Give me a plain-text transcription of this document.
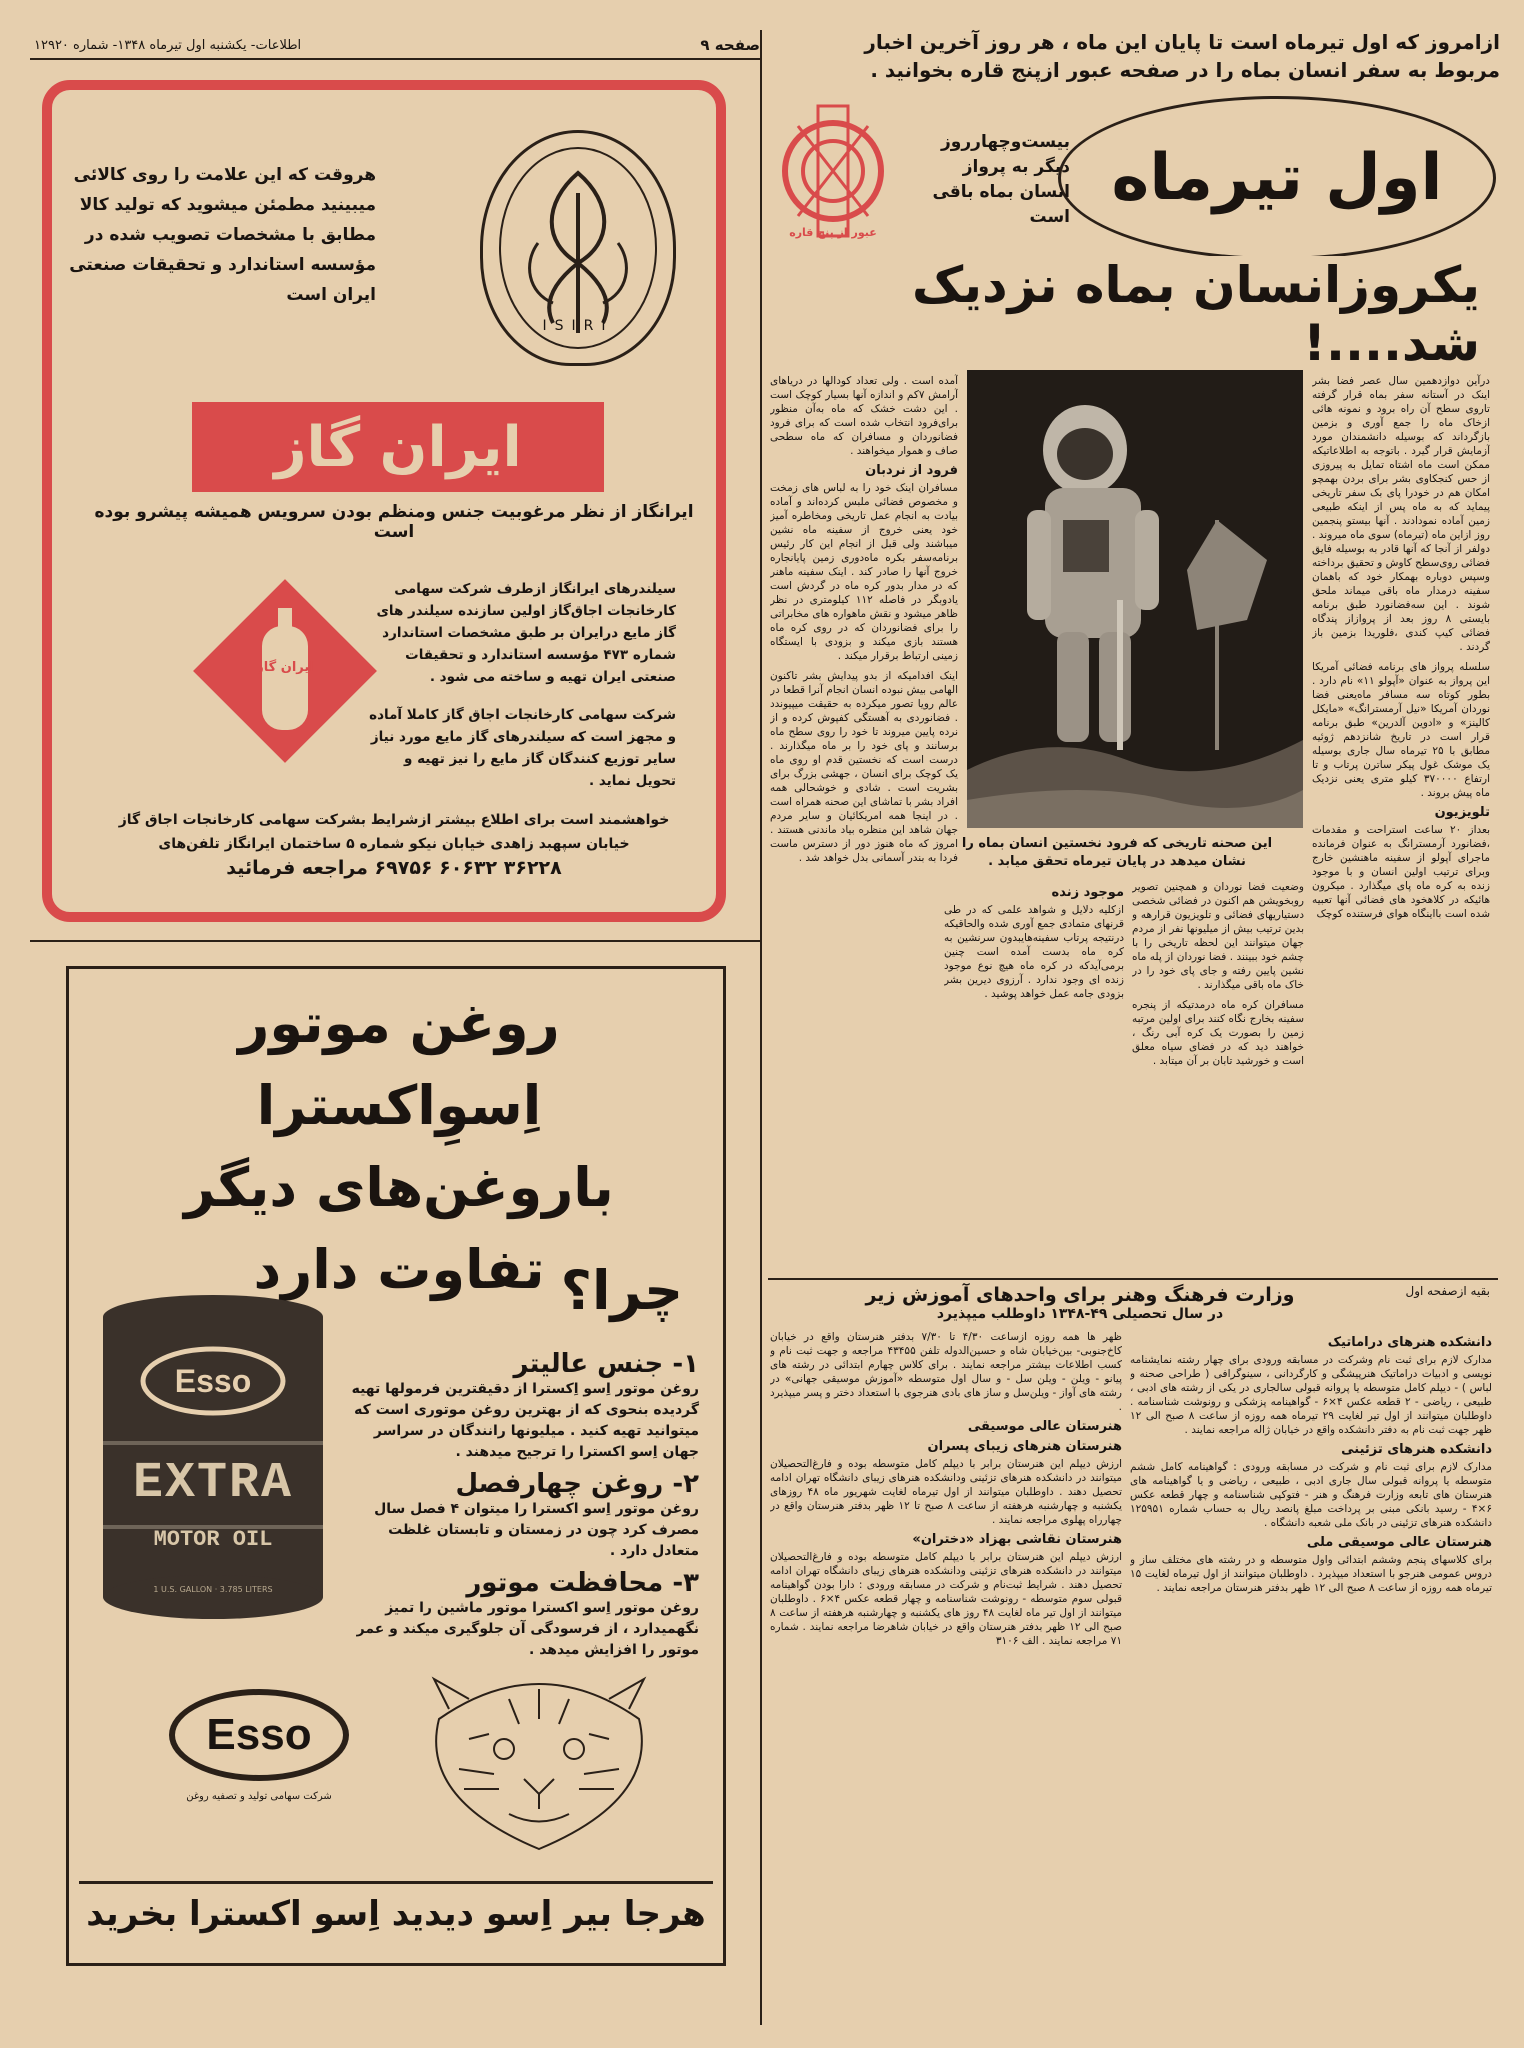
صفحه ۹
اطلاعات- یکشنبه اول تیرماه ۱۳۴۸- شماره ۱۲۹۲۰	ازامروز که اول تیرماه است تا پایان این ماه ، هر روز آخرین اخبار
مربوط به سفر انسان بماه را در صفحه عبور ازپنج قاره بخوانید .
اول تیرماه
بیست‌وچهارروز
دیگر به پرواز
انسان بماه باقی
است
عبور از پنج قاره
یکروزانسان بماه نزدیک شد....!
این صحنه تاریخی که فرود نخستین انسان بماه را
نشان میدهد در پایان تیرماه تحقق میابد .
درآین دوازدهمین سال عصر فضا بشر اینک در آستانه سفر بماه قرار گرفته تاروی سطح آن راه برود و نمونه هائی ازخاک ماه را جمع آوری و بزمین بازگرداند که بوسیله دانشمندان مورد آزمایش قرار گیرد . باتوجه به اطلاعاتیکه ممکن است ماه اشتاه تمایل به پیروزی از حس کنجکاوی بشر برای بردن بهمچو امکان هم در خودرا پای بک سفر تاریخی پیماید که به ماه پس از اینکه طبیعی زمین آماده نمودادند . آنها بیستو پنجمین روز ازاین ماه (تیرماه) سوی ماه میروند . دولفر از آنجا که آنها قادر به بوسیله فایق فضائی روی‌سطح کاوش و تحقیق برداخته وسپس دوباره بهمکار خود که باهمان سفینه درمدار ماه باقی میماند ملحق شوند . این سه‌فضانورد طبق برنامه بایستی ۸ روز بعد از پروازاز پندگاه فضائی کیپ کندی ،فلوریدا بزمین باز گردند .
سلسله پرواز های برنامه فضائی آمریکا این پرواز به عنوان «آپولو ۱۱» نام دارد . بطور کوتاه سه مسافر ماه‌یعنی فضا نوردان آمریکا «نیل آرمسترانگ» «مایکل کالینز» و «ادوین آلدرین» طبق برنامه قرار است در تاریخ شانزدهم ژوئیه مطابق با ۲۵ تیرماه سال جاری بوسیله یک موشک غول پیکر ساترن پرتاب و تا ارتفاع ۳۷۰۰۰۰ کیلو متری یعنی نزدیک ماه پیش بروند .
تلویزیون
بعداز ۲۰ ساعت استراحت و مقدمات ،فضانورد آرمسترانگ به عنوان فرمانده ماجرای آپولو از سفینه ماهنشین خارج وبرای ترتیب اولین انسان و با موجود زنده به کره ماه پای میگذارد . میکرون هائیکه در کلاهخود های فضائی آنها تعبیه شده است بااینگاه هوای فرستنده کوچک
وضعیت فضا نوردان و همچنین تصویر روبخویشن هم اکنون در فضائی شخصی دستیاریهای فضائی و تلویزیون قرارهه و بدین ترتیب بیش از میلیونها نفر از مردم جهان میتوانند این لحظه تاریخی را با چشم خود ببینند . فضا نوردان از پله ماه نشین پایین رفته و جای پای خود را در خاک ماه باقی میگذارند .
مسافران کره ماه درمدتیکه از پنجره سفینه بخارج نگاه کنند برای اولین مرتبه زمین را بصورت یک کره آبی رنگ ، خواهند دید که در فضای سیاه معلق است و خورشید تابان بر آن میتابد .
موجود زنده
ازکلیه دلایل و شواهد علمی که در طی قرنهای متمادی جمع آوری شده والحاقیکه درنتیجه پرتاب سفینه‌هایبدون سرنشین به کره ماه بدست آمده است چنین برمی‌آیدکه در کره ماه هیچ نوع موجود زنده ای وجود ندارد . آرزوی دیرین بشر بزودی جامه عمل خواهد پوشید .
آمده است . ولی تعداد کودالها در دریاهای آرامش ۷کم و اندازه آنها بسیار کوچک است . این دشت خشک که ماه به‌آن منظور برای‌فرود انتخاب شده است که برای فرود فضانوردان و مسافران که ماه سطحی صاف و هموار میخواهند .
فرود از نردبان
مسافران اینک خود را به لباس های زمخت و مخصوص فضائی ملبس کرده‌اند و آماده بیادت به انجام عمل تاریخی ومخاطره آمیز خود یعنی خروج از سفینه ماه نشین میباشند ولی قبل از انجام این کار رئیس برنامه‌سفر بکره ماه‌دوری زمین پایانجاره خروج آنها را صادر کند . اینک سفینه ماهنر که در مدار بدور کره ماه در گردش است یادوبگر در فاصله ۱۱۲ کیلومتری در نظر ظاهر میشود و نقش ماهواره های مخابراتی را برای فضانوردان که در روی کره ماه هستند بازی میکند و بزودی با ایستگاه زمینی ارتباط برقرار میکند .
اینک افدامیکه از بدو پیدایش بشر تاکنون الهامی بیش نبوده انسان انجام آنرا قطعا در عالم رویا تصور میکرده به حقیقت میپیوندد . فضانوردی به آهستگی کفپوش کرده و از نرده پایین میروند تا خود را روی سطح ماه برسانند و پای خود را بر ماه میگذارند . درست است که نخستین قدم او روی ماه یک کوچک برای انسان ، جهشی بزرگ برای بشریت است . شادی و خوشحالی همه افراد بشر با تماشای این صحنه همراه است . در اینجا همه امریکائیان و سایر مردم جهان شاهد این منظره بیاد ماندنی هستند . امروز که ماه هنوز دور از دسترس ماست فردا به بندر آسمانی بدل خواهد شد .
بقیه ازصفحه اول
وزارت فرهنگ وهنر برای واحدهای آموزش زیر
در سال تحصیلی ۴۹-۱۳۴۸ داوطلب میپذیرد
دانشکده هنرهای دراماتیک
مدارک لازم برای ثبت نام وشرکت در مسابقه ورودی برای چهار رشته نمایشنامه نویسی و ادبیات دراماتیک هنرپیشگی و کارگردانی ، سینوگرافی ( طراحی صحنه و لباس ) - دیپلم کامل متوسطه یا پروانه قبولی سالجاری در یکی از رشته های ادبی ، طبیعی ، ریاضی - ۲ قطعه عکس ۴×۶ - گواهینامه پزشکی و رونوشت شناسنامه . داوطلبان میتوانند از اول تیر لغایت ۲۹ تیرماه همه روزه از ساعت ۸ صبح الی ۱۲ ظهر جهت ثبت نام به دفتر دانشکده واقع در خیابان ژاله مراجعه نمایند .
دانشکده هنرهای تزئینی
مدارک لازم برای ثبت نام و شرکت در مسابقه ورودی : گواهینامه کامل ششم متوسطه یا پروانه قبولی سال جاری ادبی ، طبیعی ، ریاضی و یا گواهینامه های هنرستان های تابعه وزارت فرهنگ و هنر - فتوکپی شناسنامه و چهار قطعه عکس ۶×۴ - رسید بانکی مبنی بر پرداخت مبلغ پانصد ریال به حساب شماره ۱۲۵۹۵۱ دانشکده هنرهای تزئینی در بانک ملی شعبه دانشگاه .
هنرستان عالی موسیقی ملی
برای کلاسهای پنجم وششم ابتدائی واول متوسطه و در رشته های مختلف ساز و دروس عمومی هنرجو با استعداد میپذیرد . داوطلبان میتوانند از اول تیرماه لغایت ۱۵ تیرماه همه روزه از ساعت ۸ صبح الی ۱۲ ظهر بدفتر هنرستان مراجعه نمایند .
ظهر ها همه روزه ازساعت ۴/۳۰ تا ۷/۳۰ بدفتر هنرستان واقع در خیابان کاخ‌جنوبی- بین‌خیابان شاه و حسین‌الدوله تلفن ۴۳۴۵۵ مراجعه و جهت ثبت نام و کسب اطلاعات بیشتر مراجعه نمایند . برای کلاس چهارم ابتدائی در رشته های پیانو - ویلن - ویلن سل - و سال اول متوسطه «آموزش موسیقی جهانی» در رشته های آواز - ویلن‌سل و ساز های بادی هنرجوی با استعداد دختر و پسر میپذیرد .
هنرستان عالی موسیقی
هنرستان هنرهای زیبای پسران
ارزش دیپلم این هنرستان برابر با دیپلم کامل متوسطه بوده و فارغ‌التحصیلان میتوانند در دانشکده هنرهای تزئینی ودانشکده هنرهای زیبای دانشگاه تهران ادامه تحصیل دهند . داوطلبان میتوانند از اول تیرماه لغایت شهریور ماه ۴۸ روزهای یکشنبه و چهارشنبه هرهفته از ساعت ۸ صبح تا ۱۲ ظهر بدفتر هنرستان واقع در چهارراه پهلوی مراجعه نمایند .
هنرستان نقاشی بهزاد «دختران»
ارزش دیپلم این هنرستان برابر با دیپلم کامل متوسطه بوده و فارغ‌التحصیلان میتوانند در دانشکده هنرهای تزئینی ودانشکده هنرهای زیبای دانشگاه تهران ادامه تحصیل دهند . شرایط ثبت‌نام و شرکت در مسابقه ورودی : دارا بودن گواهینامه قبولی سوم متوسطه - رونوشت شناسنامه و چهار قطعه عکس ۴×۶ . داوطلبان میتوانند از اول تیر ماه لغایت ۴۸ روز های یکشنبه و چهارشنبه هرهفته از ساعت ۸ صبح الی ۱۲ ظهر بدفتر هنرستان واقع در خیابان شاهرضا مراجعه نمایند . شماره ۷۱ مراجعه نمایند . الف ۳۱۰۶
هروقت که این علامت را روی کالائی
میبینید مطمئن میشوید که تولید کالا
مطابق با مشخصات تصویب شده در
مؤسسه استاندارد و تحقیقات صنعتی ایران است
ISIRI
ایران گاز
ایرانگاز از نظر مرغوبیت جنس ومنظم بودن سرویس همیشه پیشرو بوده است
ایران گاز
سیلندرهای ایرانگاز ازطرف شرکت سهامی کارخانجات اجاق‌گاز اولین سازنده سیلندر های گاز مایع درایران بر طبق مشخصات استاندارد شماره ۴۷۳ مؤسسه استاندارد و تحقیقات صنعتی ایران تهیه و ساخته می شود .
شرکت سهامی کارخانجات اجاق گاز کاملا آماده و مجهز است که سیلندرهای گاز مایع مورد نیاز سایر توزیع کنندگان گاز مایع را نیز تهیه و تحویل نماید .
خواهشمند است برای اطلاع بیشتر ازشرایط بشرکت سهامی کارخانجات اجاق گاز
خیابان سپهبد زاهدی خیابان نیکو شماره ۵ ساختمان ایرانگاز تلفن‌های
۳۶۲۲۸ ۶۰۶۳۲ ۶۹۷۵۶ مراجعه فرمائید
روغن موتور اِسوِاکسترا
باروغن‌های دیگر
تفاوت دارد چرا؟
Esso
EXTRA
MOTOR OIL
1 U.S. GALLON · 3.785 LITERS
۱- جنس عالیتر
روغن موتور اِسو اِکسترا از دقیقترین فرمولها تهیه گردیده بنحوی که از بهترین روغن موتوری است که میتوانید تهیه کنید . میلیونها رانندگان در سراسر جهان اِسو اکسترا را ترجیح میدهند .
۲- روغن چهارفصل
روغن موتور اِسو اکسترا را میتوان ۴ فصل سال مصرف کرد چون در زمستان و تابستان غلظت متعادل دارد .
۳- محافظت موتور
روغن موتور اِسو اکسترا موتور ماشین را تمیز نگهمیدارد ، از فرسودگی آن جلوگیری میکند و عمر موتور را افزایش میدهد .
Esso
شرکت سهامی تولید و تصفیه روغن
هرجا بیر اِسو دیدید اِسو اکسترا بخرید
